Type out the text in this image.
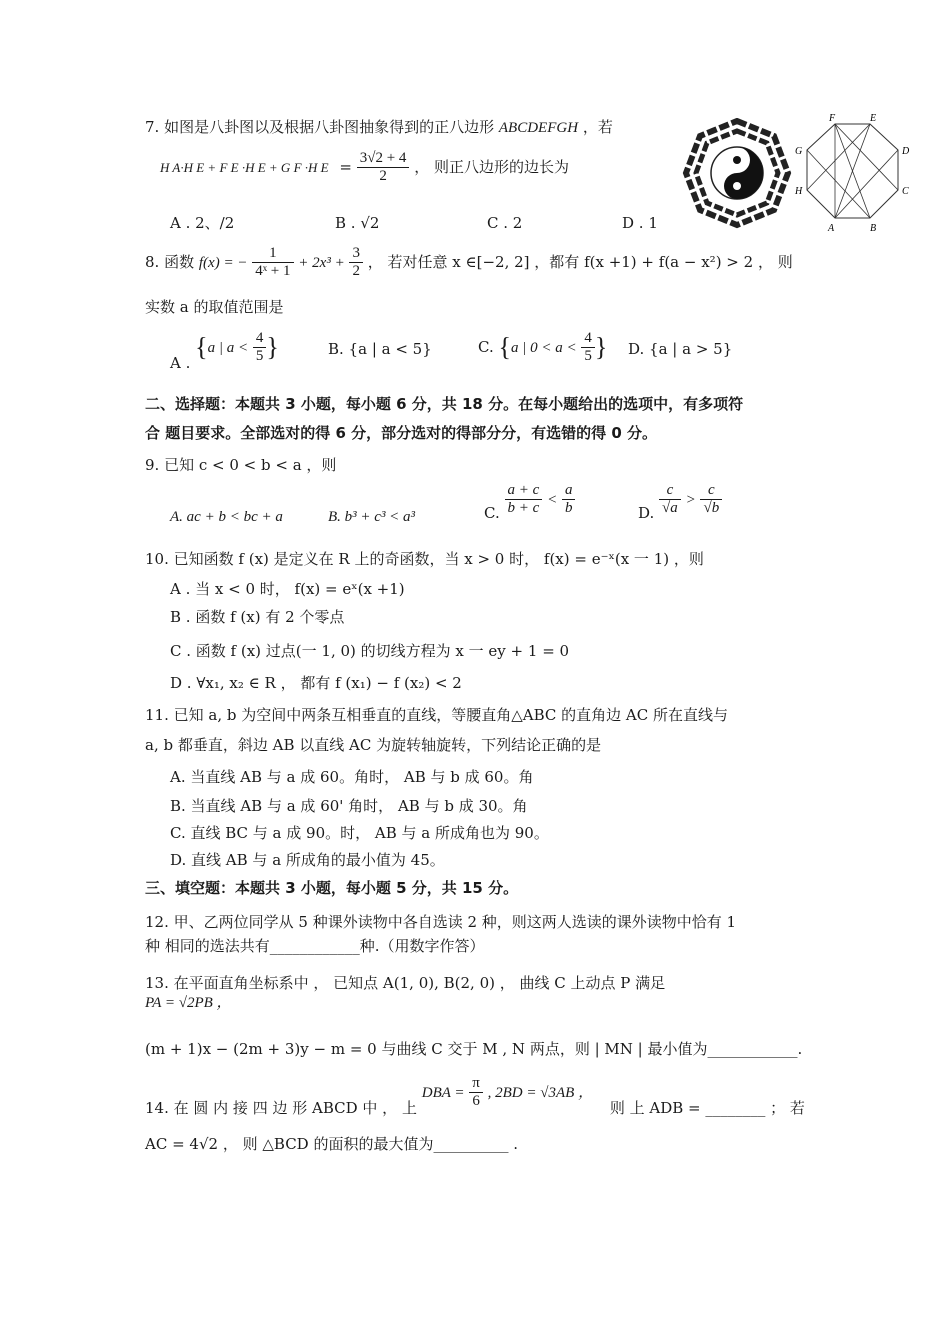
7. 如图是八卦图以及根据八卦图抽象得到的正八边形 ABCDEFGH ，若
H A·H E + F E ·H E + G F ·H $E = \frac{3√2 + 4}{2}$ ， 则正八边形的边长为
A . 2、/2	B . √2	C . 2	D . 1
F	E
G	D
H	C
A	B
8. 函数 f(x) = − $\frac{1}{\text{4ˣ + 1}} + 2x^3 + \frac{3}{2}$ ， 若对任意 x ∈[−2, 2] ，都有 f(x +1) + f(a − x²) > 2 ， 则
实数 a 的取值范围是
A . {a | $a < \frac{4}{5}$ }	B. {a | a < 5}	C. {a | $0 < a < \frac{4}{5}$ } D. {a | a > 5}
二、选择题：本题共 3 小题，每小题 6 分，共 18 分。在每小题给出的选项中，有多项符
合 题目要求。全部选对的得 6 分，部分选对的得部分分，有选错的得 0 分。
9. 已知 c < 0 < b < a ，则
A. ac + b < bc + a	B. b³ + c³ < a³	C. $\frac{a + c}{b + c} < \frac{a}{b}$	D. $\frac{c}{√a} > \frac{c}{√b}$
10. 已知函数 f (x) 是定义在 R 上的奇函数，当 x > 0 时， f(x) = e⁻ˣ(x 一 1) ，则
A . 当 x < 0 时， f(x) = eˣ(x +1)
B . 函数 f (x) 有 2 个零点
C . 函数 f (x) 过点(一 1, 0) 的切线方程为 x 一 ey + 1 = 0
D . ∀x₁, x₂ ∈ R ， 都有 f (x₁) − f (x₂) < 2
11. 已知 a, b 为空间中两条互相垂直的直线，等腰直角△ABC 的直角边 AC 所在直线与
a, b 都垂直，斜边 AB 以直线 AC 为旋转轴旋转，下列结论正确的是
A. 当直线 AB 与 a 成 60。角时， AB 与 b 成 60。角
B. 当直线 AB 与 a 成 60' 角时， AB 与 b 成 30。角
C. 直线 BC 与 a 成 90。时， AB 与 a 所成角也为 90。
D. 直线 AB 与 a 所成角的最小值为 45。
三、填空题：本题共 3 小题，每小题 5 分，共 15 分。
12. 甲、乙两位同学从 5 种课外读物中各自选读 2 种，则这两人选读的课外读物中恰有 1
种 相同的选法共有____________种.（用数字作答）
13. 在平面直角坐标系中 ， 已知点 A(1, 0), B(2, 0) ， 曲线 C 上动点 P 满足
PA = √2PB ，
(m + 1)x − (2m + 3)y − m = 0 与曲线 C 交于 M , N 两点，则 | MN | 最小值为____________.
14. 在 圆 内 接 四 边 形 ABCD 中 ， 上 DBA = $\frac{\pi}{6}$ , 2BD = √3AB ， 则 上 ADB = ________ ； 若
AC = 4√2 ， 则 △BCD 的面积的最大值为__________ .
